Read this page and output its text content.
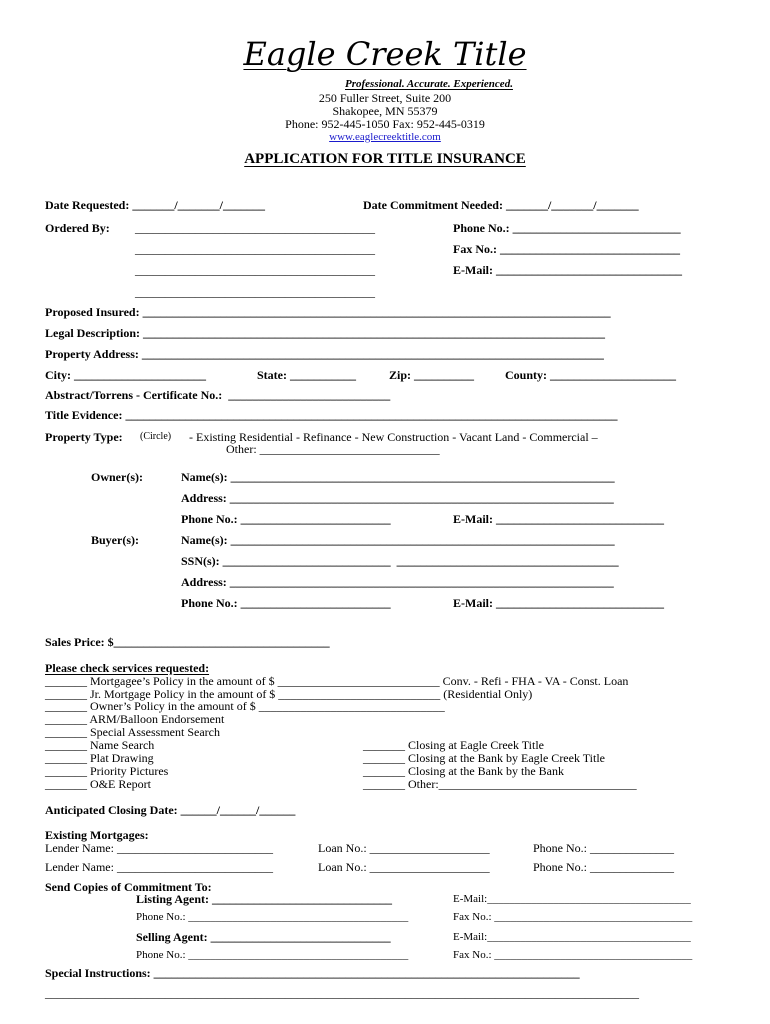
Eagle Creek Title
Professional. Accurate. Experienced.
250 Fuller Street, Suite 200
Shakopee, MN 55379
Phone: 952-445-1050 Fax: 952-445-0319
www.eaglecreektitle.com
APPLICATION FOR TITLE INSURANCE
Date Requested: _______/_______/_______	Date Commitment Needed: _______/_______/_______
Ordered By: ________________________________________
________________________________________
________________________________________
________________________________________
Phone No.: ____________________________
Fax No.: ______________________________
E-Mail: _______________________________
Proposed Insured: ______________________________________________________________________________
Legal Description: _____________________________________________________________________________
Property Address: _____________________________________________________________________________
City: ______________________	State: ___________	Zip: __________	County: _____________________
Abstract/Torrens - Certificate No.:  ___________________________
Title Evidence: __________________________________________________________________________________
Property Type: (Circle) - Existing Residential - Refinance - New Construction - Vacant Land - Commercial –
Other: ______________________________
Owner(s):	Name(s): ________________________________________________________________
Address: ________________________________________________________________
Phone No.: _________________________	E-Mail: ____________________________
Buyer(s):	Name(s): ________________________________________________________________
SSN(s): ____________________________  _____________________________________
Address: ________________________________________________________________
Phone No.: _________________________	E-Mail: ____________________________
Sales Price: $____________________________________
Please check services requested:
_______ Mortgagee’s Policy in the amount of $ ___________________________ Conv. - Refi - FHA - VA - Const. Loan
_______ Jr. Mortgage Policy in the amount of $ ___________________________ (Residential Only)
_______ Owner’s Policy in the amount of $ _______________________________
_______ ARM/Balloon Endorsement
_______ Special Assessment Search
_______ Name Search
_______ Plat Drawing
_______ Priority Pictures
_______ O&E Report
_______ Closing at Eagle Creek Title
_______ Closing at the Bank by Eagle Creek Title
_______ Closing at the Bank by the Bank
_______ Other:_________________________________
Anticipated Closing Date: ______/______/______
Existing Mortgages:
Lender Name: __________________________	Loan No.: ____________________	Phone No.: ______________
Lender Name: __________________________	Loan No.: ____________________	Phone No.: ______________
Send Copies of Commitment To:
Listing Agent: ______________________________	E-Mail:_____________________________________
Phone No.: ________________________________________	Fax No.: ____________________________________
Selling Agent: ______________________________	E-Mail:_____________________________________
Phone No.: ________________________________________	Fax No.: ____________________________________
Special Instructions: _______________________________________________________________________
___________________________________________________________________________________________________
